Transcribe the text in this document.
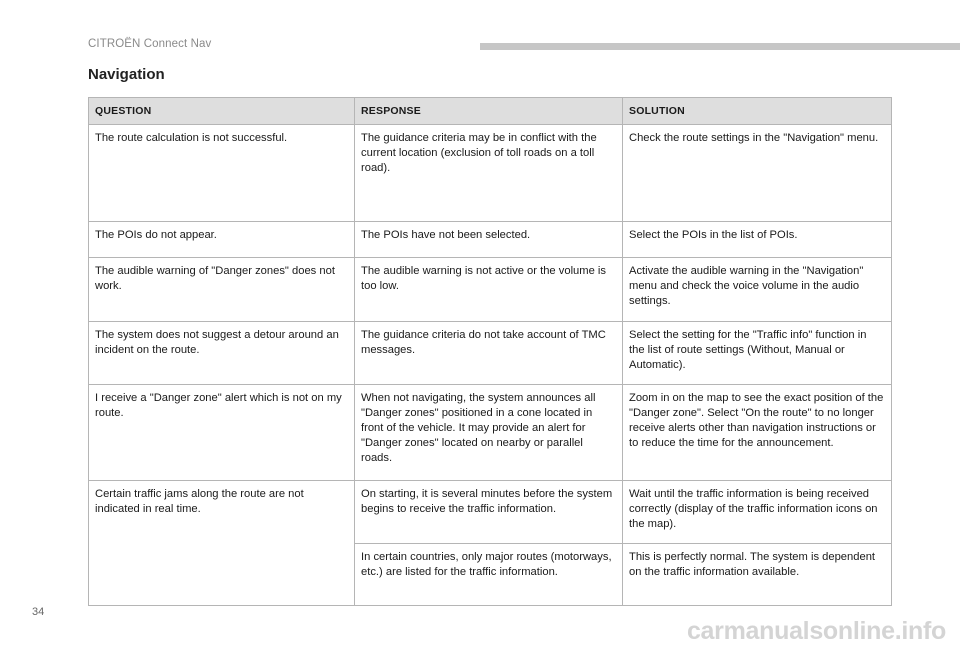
CITROËN Connect Nav
Navigation
QUESTION	RESPONSE	SOLUTION
The route calculation is not successful.	The guidance criteria may be in conflict with the current location (exclusion of toll roads on a toll road).	Check the route settings in the "Navigation" menu.
The POIs do not appear.	The POIs have not been selected.	Select the POIs in the list of POIs.
The audible warning of "Danger zones" does not work.	The audible warning is not active or the volume is too low.	Activate the audible warning in the "Navigation" menu and check the voice volume in the audio settings.
The system does not suggest a detour around an incident on the route.	The guidance criteria do not take account of TMC messages.	Select the setting for the "Traffic info" function in the list of route settings (Without, Manual or Automatic).
I receive a "Danger zone" alert which is not on my route.	When not navigating, the system announces all "Danger zones" positioned in a cone located in front of the vehicle. It may provide an alert for "Danger zones" located on nearby or parallel roads.	Zoom in on the map to see the exact position of the "Danger zone". Select "On the route" to no longer receive alerts other than navigation instructions or to reduce the time for the announcement.
Certain traffic jams along the route are not indicated in real time.	On starting, it is several minutes before the system begins to receive the traffic information.	Wait until the traffic information is being received correctly (display of the traffic information icons on the map).
	In certain countries, only major routes (motorways, etc.) are listed for the traffic information.	This is perfectly normal. The system is dependent on the traffic information available.
34
carmanualsonline.info
